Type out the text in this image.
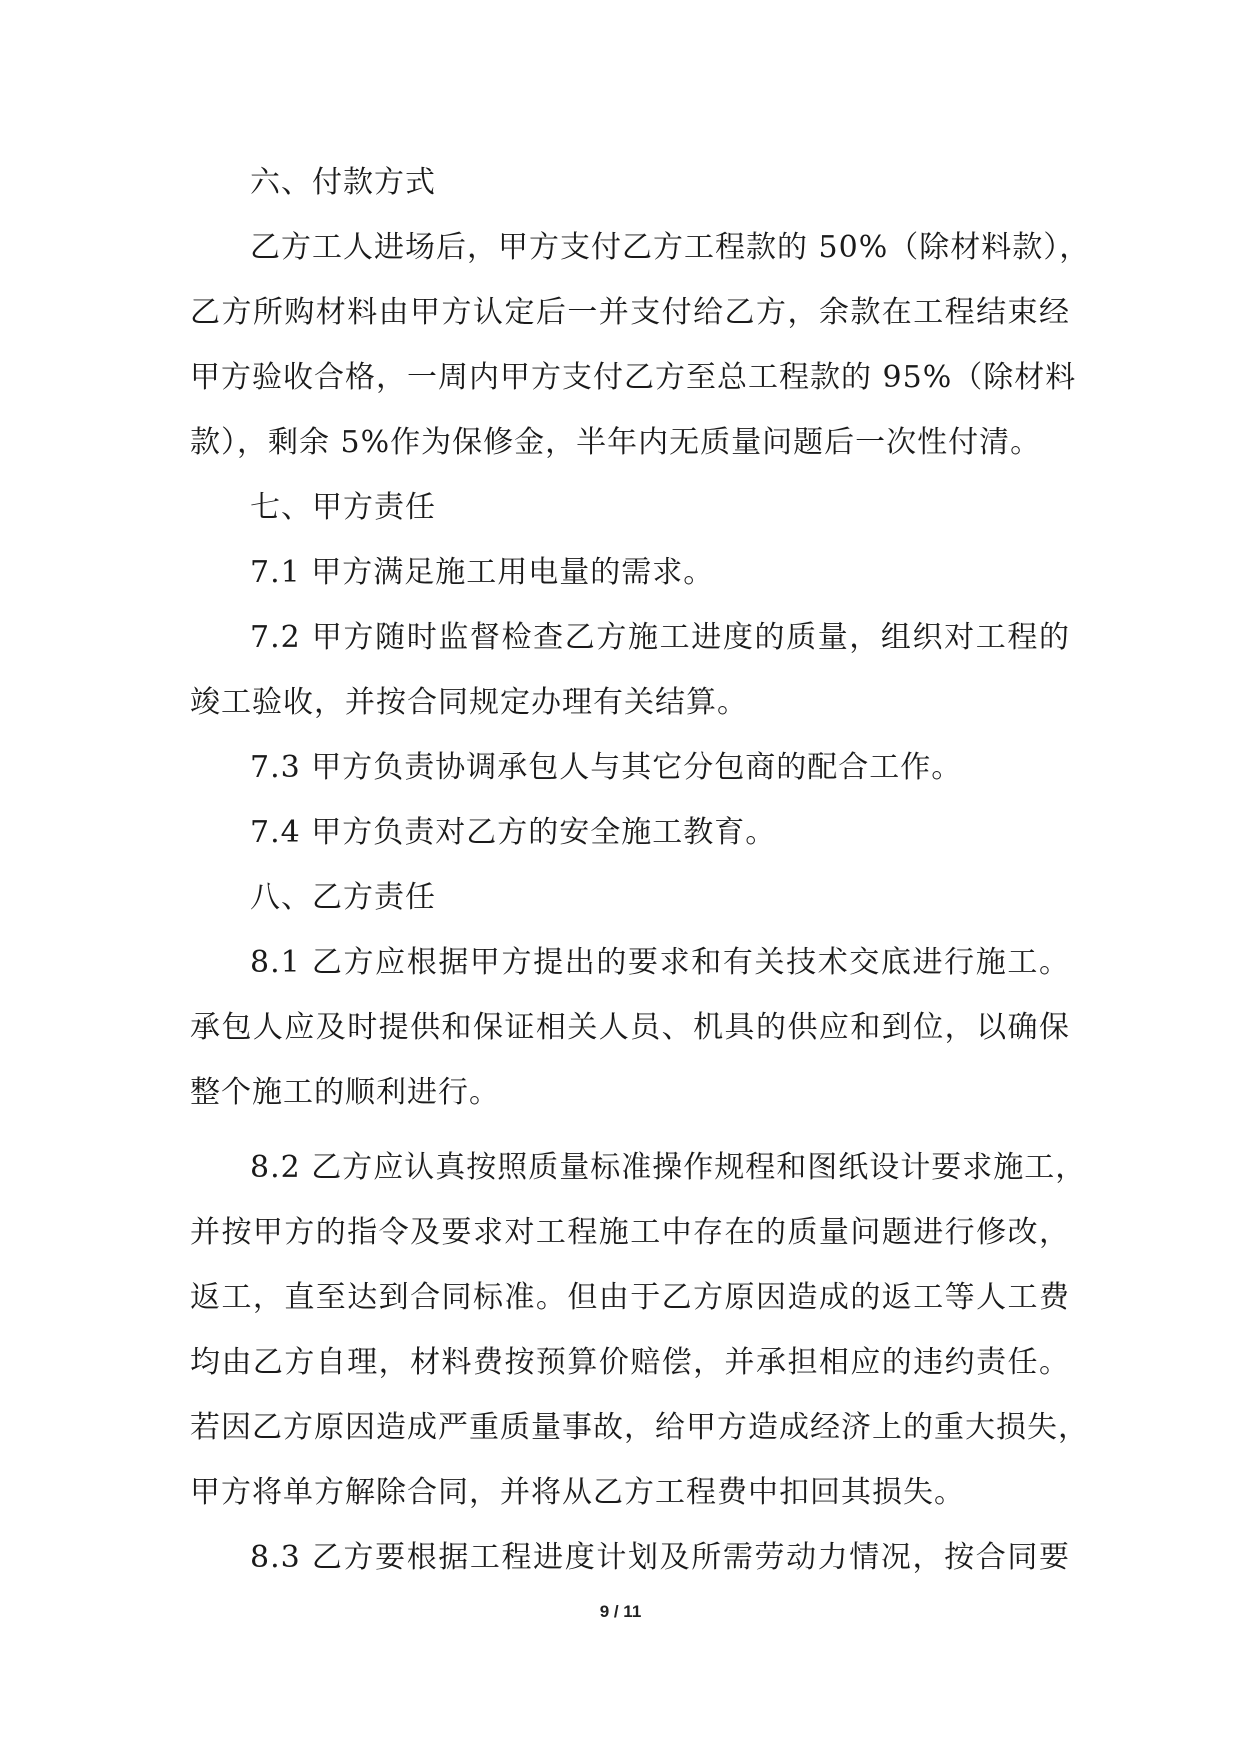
六、付款方式
乙方工人进场后，甲方支付乙方工程款的 50%（除材料款），
乙方所购材料由甲方认定后一并支付给乙方，余款在工程结束经
甲方验收合格，一周内甲方支付乙方至总工程款的 95%（除材料
款），剩余 5%作为保修金，半年内无质量问题后一次性付清。
七、甲方责任
7.1 甲方满足施工用电量的需求。
7.2 甲方随时监督检查乙方施工进度的质量，组织对工程的
竣工验收，并按合同规定办理有关结算。
7.3 甲方负责协调承包人与其它分包商的配合工作。
7.4 甲方负责对乙方的安全施工教育。
八、乙方责任
8.1 乙方应根据甲方提出的要求和有关技术交底进行施工。
承包人应及时提供和保证相关人员、机具的供应和到位，以确保
整个施工的顺利进行。
8.2 乙方应认真按照质量标准操作规程和图纸设计要求施工，
并按甲方的指令及要求对工程施工中存在的质量问题进行修改，
返工，直至达到合同标准。但由于乙方原因造成的返工等人工费
均由乙方自理，材料费按预算价赔偿，并承担相应的违约责任。
若因乙方原因造成严重质量事故，给甲方造成经济上的重大损失，
甲方将单方解除合同，并将从乙方工程费中扣回其损失。
8.3 乙方要根据工程进度计划及所需劳动力情况，按合同要
9 / 11
